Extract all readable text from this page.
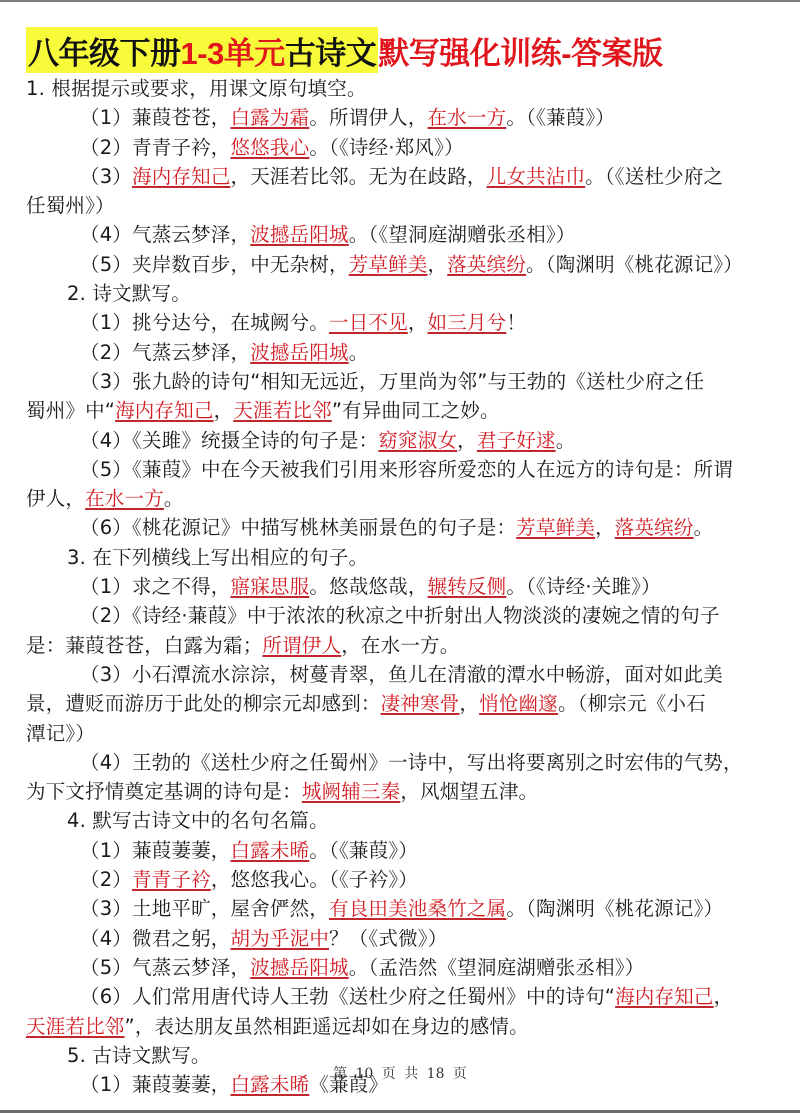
八年级下册 1-3单元 古诗文 默写强化训练-答案版
1. 根据提示或要求，用课文原句填空。
（1）蒹葭苍苍，白露为霜。所谓伊人，在水一方。（《蒹葭》）
（2）青青子衿，悠悠我心。（《诗经·郑风》）
（3）海内存知己，天涯若比邻。无为在歧路，儿女共沾巾。（《送杜少府之
任蜀州》）
（4）气蒸云梦泽，波撼岳阳城。（《望洞庭湖赠张丞相》）
（5）夹岸数百步，中无杂树，芳草鲜美，落英缤纷。（陶渊明《桃花源记》）
2. 诗文默写。
（1）挑兮达兮，在城阙兮。一日不见，如三月兮！
（2）气蒸云梦泽，波撼岳阳城。
（3）张九龄的诗句“相知无远近，万里尚为邻”与王勃的《送杜少府之任
蜀州》中“海内存知己，天涯若比邻”有异曲同工之妙。
（4）《关雎》统摄全诗的句子是：窈窕淑女，君子好逑。
（5）《蒹葭》中在今天被我们引用来形容所爱恋的人在远方的诗句是：所谓
伊人，在水一方。
（6）《桃花源记》中描写桃林美丽景色的句子是：芳草鲜美，落英缤纷。
3. 在下列横线上写出相应的句子。
（1）求之不得，寤寐思服。悠哉悠哉，辗转反侧。（《诗经·关雎》）
（2）《诗经·蒹葭》中于浓浓的秋凉之中折射出人物淡淡的凄婉之情的句子
是：蒹葭苍苍，白露为霜；所谓伊人，在水一方。
（3）小石潭流水淙淙，树蔓青翠，鱼儿在清澈的潭水中畅游，面对如此美
景，遭贬而游历于此处的柳宗元却感到：凄神寒骨，悄怆幽邃。（柳宗元《小石
潭记》）
（4）王勃的《送杜少府之任蜀州》一诗中，写出将要离别之时宏伟的气势，
为下文抒情奠定基调的诗句是：城阙辅三秦，风烟望五津。
4. 默写古诗文中的名句名篇。
（1）蒹葭萋萋，白露未晞。（《蒹葭》）
（2）青青子衿，悠悠我心。（《子衿》）
（3）土地平旷，屋舍俨然，有良田美池桑竹之属。（陶渊明《桃花源记》）
（4）微君之躬，胡为乎泥中？（《式微》）
（5）气蒸云梦泽，波撼岳阳城。（孟浩然《望洞庭湖赠张丞相》）
（6）人们常用唐代诗人王勃《送杜少府之任蜀州》中的诗句“海内存知己，
天涯若比邻”，表达朋友虽然相距遥远却如在身边的感情。
5. 古诗文默写。
（1）蒹葭萋萋，白露未晞《蒹葭》
第 10 页 共 18 页
